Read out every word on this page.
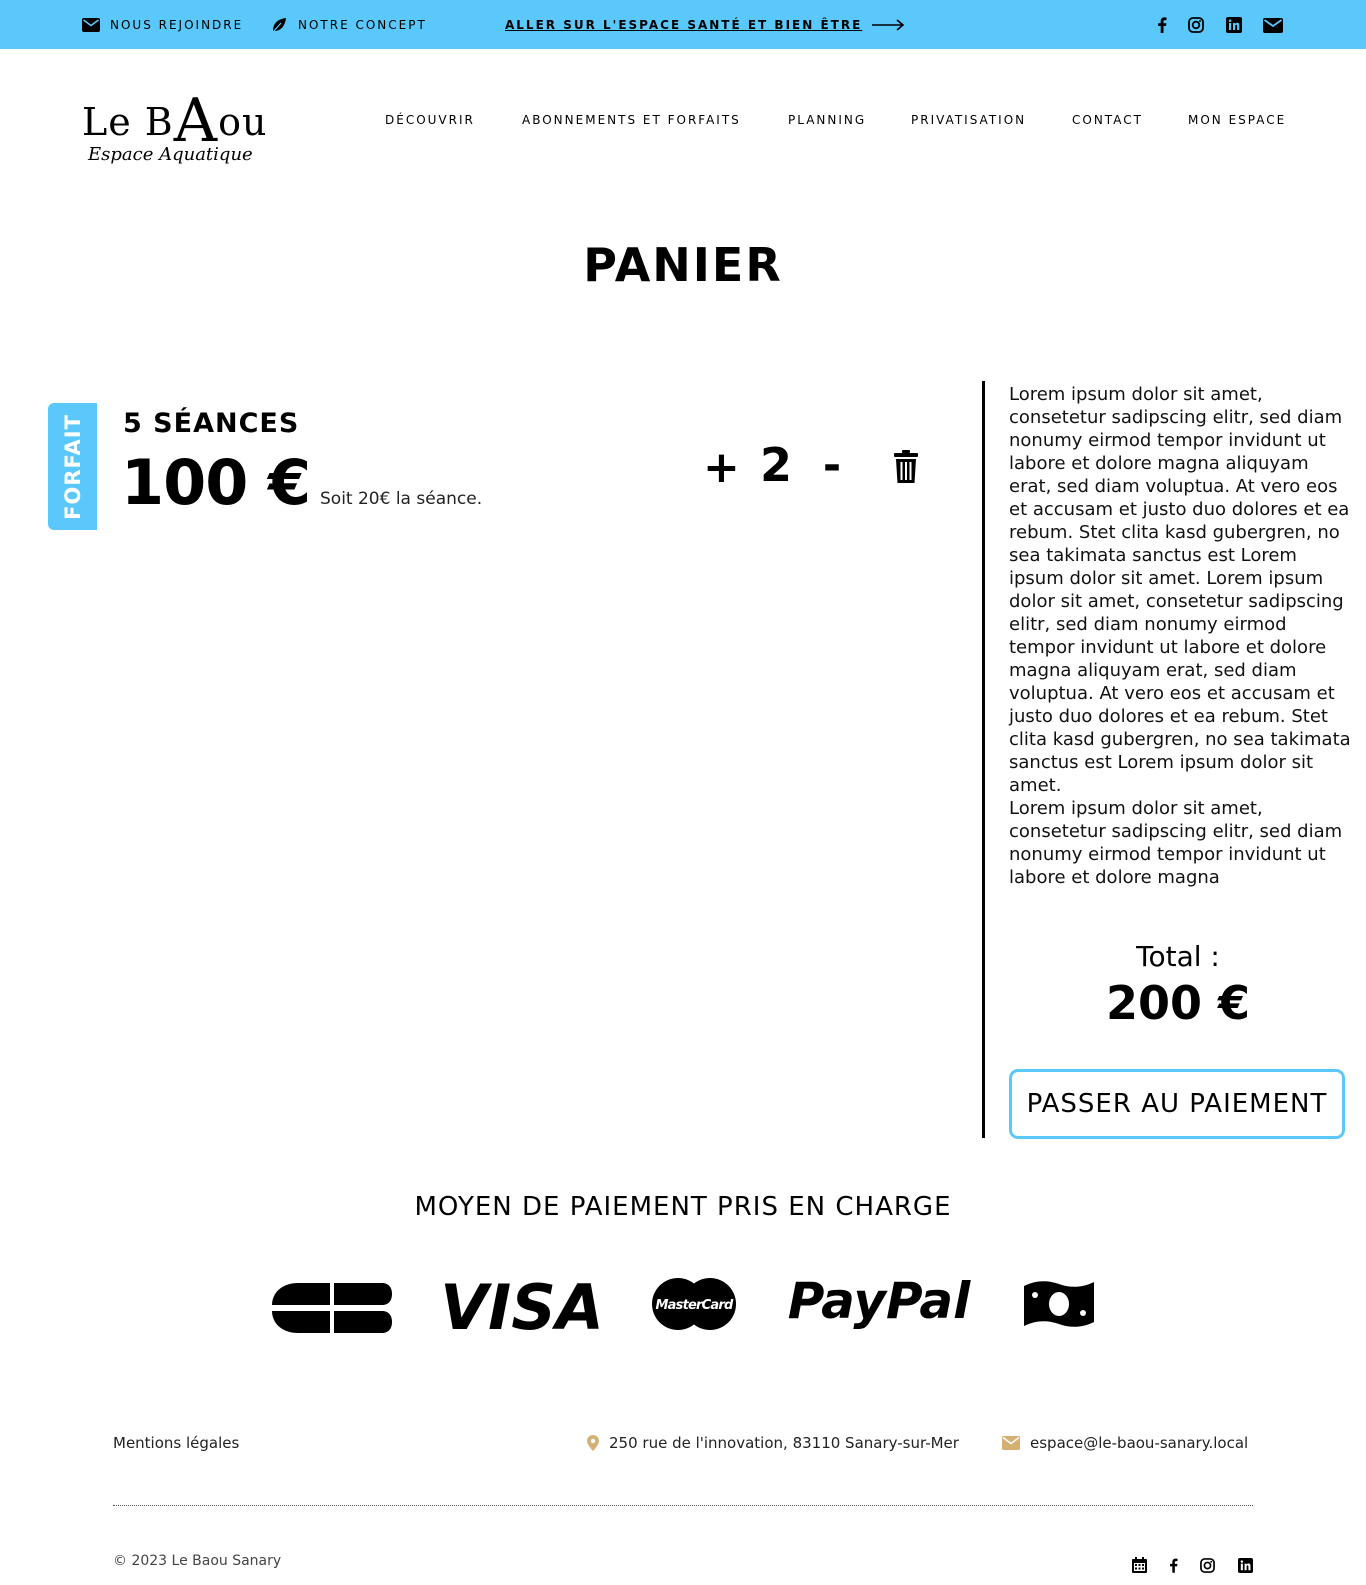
NOUS REJOINDRE	NOTRE CONCEPT	ALLER SUR L'ESPACE SANTÉ ET BIEN ÊTRE
Le BAou
Espace Aquatique
DÉCOUVRIR	ABONNEMENTS ET FORFAITS	PLANNING	PRIVATISATION	CONTACT	MON ESPACE
PANIER
FORFAIT 5 SÉANCES
100 € Soit 20€ la séance.
+ 2 -

Lorem ipsum dolor sit amet, consetetur sadipscing elitr, sed diam nonumy eirmod tempor invidunt ut labore et dolore magna aliquyam erat, sed diam voluptua. At vero eos et accusam et justo duo dolores et ea rebum. Stet clita kasd gubergren, no sea takimata sanctus est Lorem ipsum dolor sit amet. Lorem ipsum dolor sit amet, consetetur sadipscing elitr, sed diam nonumy eirmod tempor invidunt ut labore et dolore magna aliquyam erat, sed diam voluptua. At vero eos et accusam et justo duo dolores et ea rebum. Stet clita kasd gubergren, no sea takimata sanctus est Lorem ipsum dolor sit amet.

Lorem ipsum dolor sit amet, consetetur sadipscing elitr, sed diam nonumy eirmod tempor invidunt ut labore et dolore magna

Total :
200 €
PASSER AU PAIEMENT
MOYEN DE PAIEMENT PRIS EN CHARGE
VISA	MasterCard PayPal
Mentions légales	250 rue de l'innovation, 83110 Sanary-sur-Mer	espace@le-baou-sanary.local
© 2023 Le Baou Sanary
